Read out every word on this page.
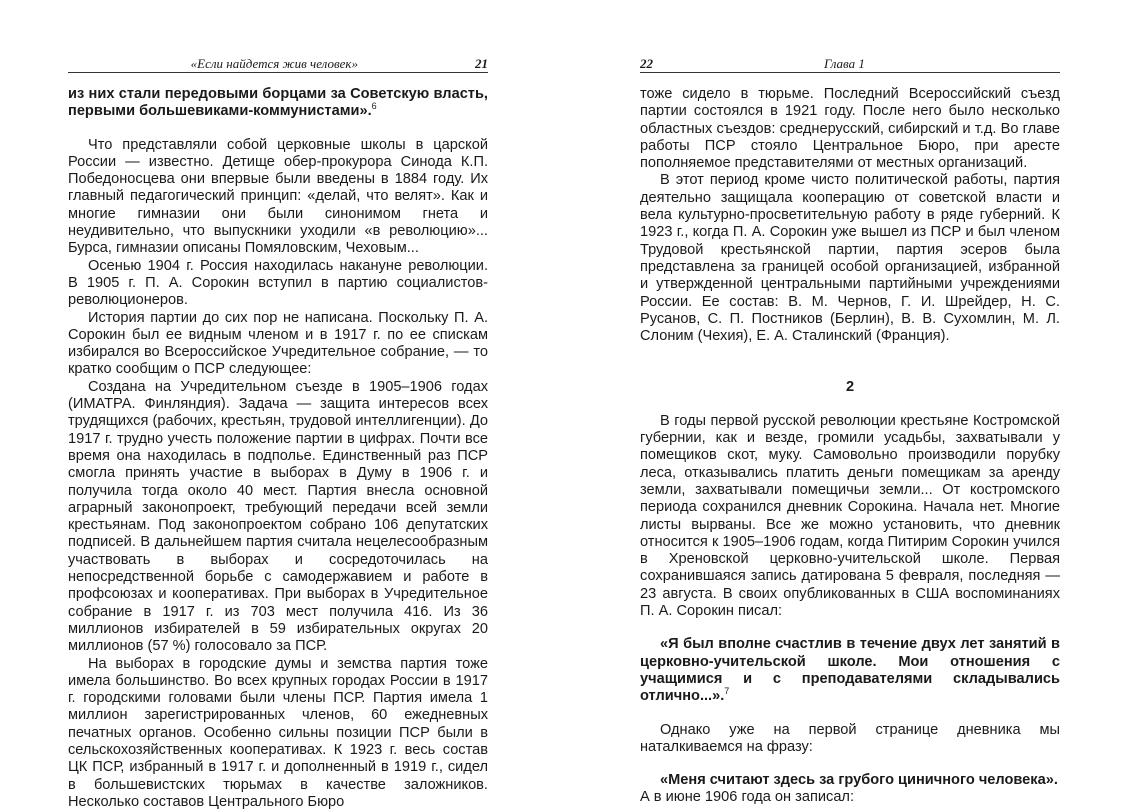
«Если найдется жив человек»	21

из них стали передовыми борцами за Советскую власть, первыми большевиками-коммунистами».$^6$

Что представляли собой церковные школы в царской России — известно. Детище обер-прокурора Синода К.П. Победоносцева они впервые были введены в 1884 году. Их главный педагогический принцип: «делай, что велят». Как и многие гимназии они были синонимом гнета и неудивительно, что выпускники уходили «в революцию»... Бурса, гимназии описаны Помяловским, Чеховым...

Осенью 1904 г. Россия находилась накануне революции. В 1905 г. П. А. Сорокин вступил в партию социалистов-революционеров.

История партии до сих пор не написана. Поскольку П. А. Сорокин был ее видным членом и в 1917 г. по ее спискам избирался во Всероссийское Учредительное собрание, — то кратко сообщим о ПСР следующее:

Создана на Учредительном съезде в 1905–1906 годах (ИМАТРА. Финляндия). Задача — защита интересов всех трудящихся (рабочих, крестьян, трудовой интеллигенции). До 1917 г. трудно учесть положение партии в цифрах. Почти все время она находилась в подполье. Единственный раз ПСР смогла принять участие в выборах в Думу в 1906 г. и получила тогда около 40 мест. Партия внесла основной аграрный законопроект, требующий передачи всей земли крестьянам. Под законопроектом собрано 106 депутатских подписей. В дальнейшем партия считала нецелесообразным участвовать в выборах и сосредоточилась на непосредственной борьбе с самодержавием и работе в профсоюзах и кооперативах. При выборах в Учредительное собрание в 1917 г. из 703 мест получила 416. Из 36 миллионов избирателей в 59 избирательных округах 20 миллионов (57 %) голосовало за ПСР.

На выборах в городские думы и земства партия тоже имела большинство. Во всех крупных городах России в 1917 г. городскими головами были члены ПСР. Партия имела 1 миллион зарегистрированных членов, 60 ежедневных печатных органов. Особенно сильны позиции ПСР были в сельскохозяйственных кооперативах. К 1923 г. весь состав ЦК ПСР, избранный в 1917 г. и дополненный в 1919 г., сидел в большевистских тюрьмах в качестве заложников. Несколько составов Центрального Бюро

22	Глава 1

тоже сидело в тюрьме. Последний Всероссийский съезд партии состоялся в 1921 году. После него было несколько областных съездов: среднерусский, сибирский и т.д. Во главе работы ПСР стояло Центральное Бюро, при аресте пополняемое представителями от местных организаций.

В этот период кроме чисто политической работы, партия деятельно защищала кооперацию от советской власти и вела культурно-просветительную работу в ряде губерний. К 1923 г., когда П. А. Сорокин уже вышел из ПСР и был членом Трудовой крестьянской партии, партия эсеров была представлена за границей особой организацией, избранной и утвержденной центральными партийными учреждениями России. Ее состав: В. М. Чернов, Г. И. Шрейдер, Н. С. Русанов, С. П. Постников (Берлин), В. В. Сухомлин, М. Л. Слоним (Чехия), Е. А. Сталинский (Франция).

2

В годы первой русской революции крестьяне Костромской губернии, как и везде, громили усадьбы, захватывали у помещиков скот, муку. Самовольно производили порубку леса, отказывались платить деньги помещикам за аренду земли, захватывали помещичьи земли... От костромского периода сохранился дневник Сорокина. Начала нет. Многие листы вырваны. Все же можно установить, что дневник относится к 1905–1906 годам, когда Питирим Сорокин учился в Хреновской церковно-учительской школе. Первая сохранившаяся запись датирована 5 февраля, последняя — 23 августа. В своих опубликованных в США воспоминаниях П. А. Сорокин писал:

«Я был вполне счастлив в течение двух лет занятий в церковно-учительской школе. Мои отношения с учащимися и с преподавателями складывались отлично...».$^7$

Однако уже на первой странице дневника мы наталкиваемся на фразу:

«Меня считают здесь за грубого циничного человека».

А в июне 1906 года он записал:
